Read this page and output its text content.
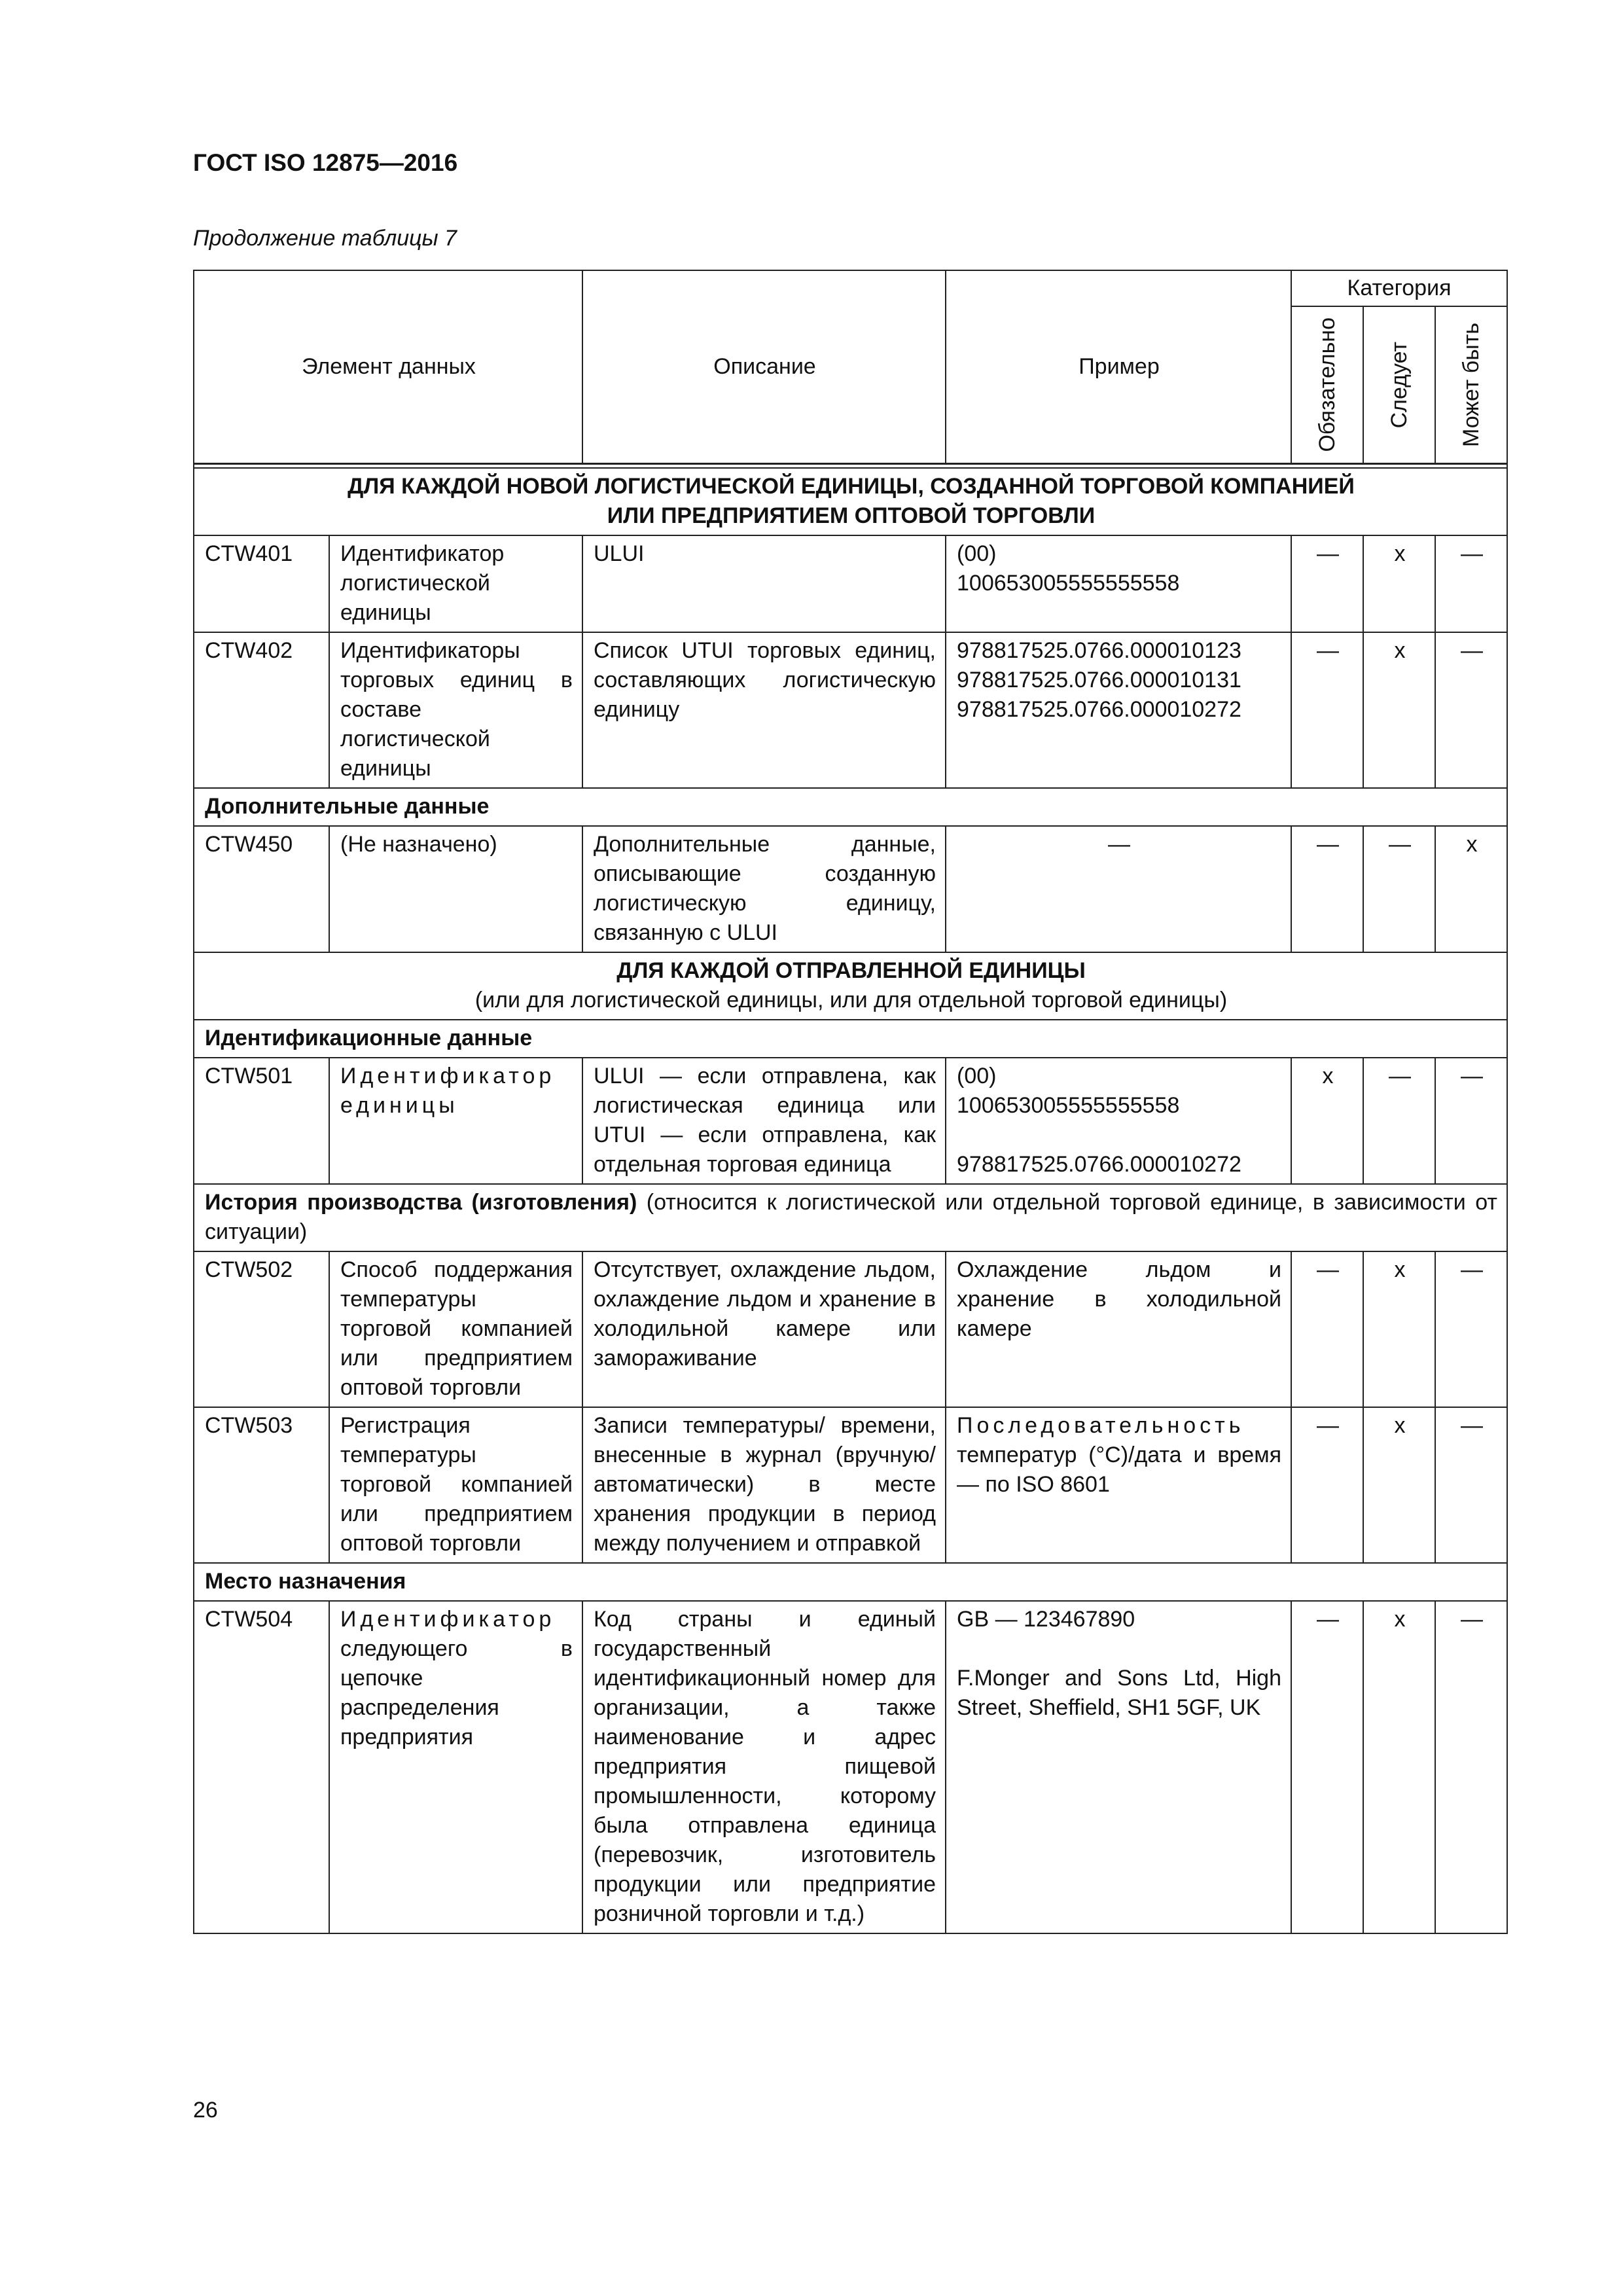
ГОСТ ISO 12875—2016
Продолжение таблицы 7
Элемент данных		Описание	Пример	Категория		

				Обязательно	Следует	Может быть

ДЛЯ КАЖДОЙ НОВОЙ ЛОГИСТИЧЕСКОЙ ЕДИНИЦЫ, СОЗДАННОЙ ТОРГОВОЙ КОМПАНИЕЙ
ИЛИ ПРЕДПРИЯТИЕМ ОПТОВОЙ ТОРГОВЛИ						

CTW401	Идентификатор логистической единицы	ULUI	(00)
100653005555555558	—	x	—
CTW402	Идентификаторы торговых единиц в составе логистической единицы	Список UTUI торговых единиц, составляющих логистическую единицу	978817525.0766.000010123
978817525.0766.000010131
978817525.0766.000010272	—	x	—
Дополнительные данные						
CTW450	(Не назначено)	Дополнительные данные, описывающие созданную логистическую единицу, связанную с ULUI	—	—	—	x

ДЛЯ КАЖДОЙ ОТПРАВЛЕННОЙ ЕДИНИЦЫ
(или для логистической единицы, или для отдельной торговой единицы)						

Идентификационные данные						
CTW501	Идентификатор единицы	ULUI — если отправлена, как логистическая единица или UTUI — если отправлена, как отдельная торговая единица	(00)
100653005555555558
978817525.0766.000010272	x	—	—
История производства (изготовления) (относится к логистической или отдельной торговой единице, в зависимости от ситуации)						
CTW502	Способ поддержания температуры торговой компанией или предприятием оптовой торговли	Отсутствует, охлаждение льдом, охлаждение льдом и хранение в холодильной камере или замораживание	Охлаждение льдом и хранение в холодильной камере	—	x	—
CTW503	Регистрация температуры торговой компанией или предприятием оптовой торговли	Записи температуры/ времени, внесенные в журнал (вручную/автоматически) в месте хранения продукции в период между получением и отправкой	Последовательность температур (°С)/дата и время — по ISO 8601	—	x	—
Место назначения						
CTW504	Идентификатор следующего в цепочке распределения предприятия	Код страны и единый государственный идентификационный номер для организации, а также наименование и адрес предприятия пищевой промышленности, которому была отправлена единица (перевозчик, изготовитель продукции или предприятие розничной торговли и т.д.)	GB — 123467890
F.Monger and Sons Ltd, High Street, Sheffield, SH1 5GF, UK	—	x	—
26
